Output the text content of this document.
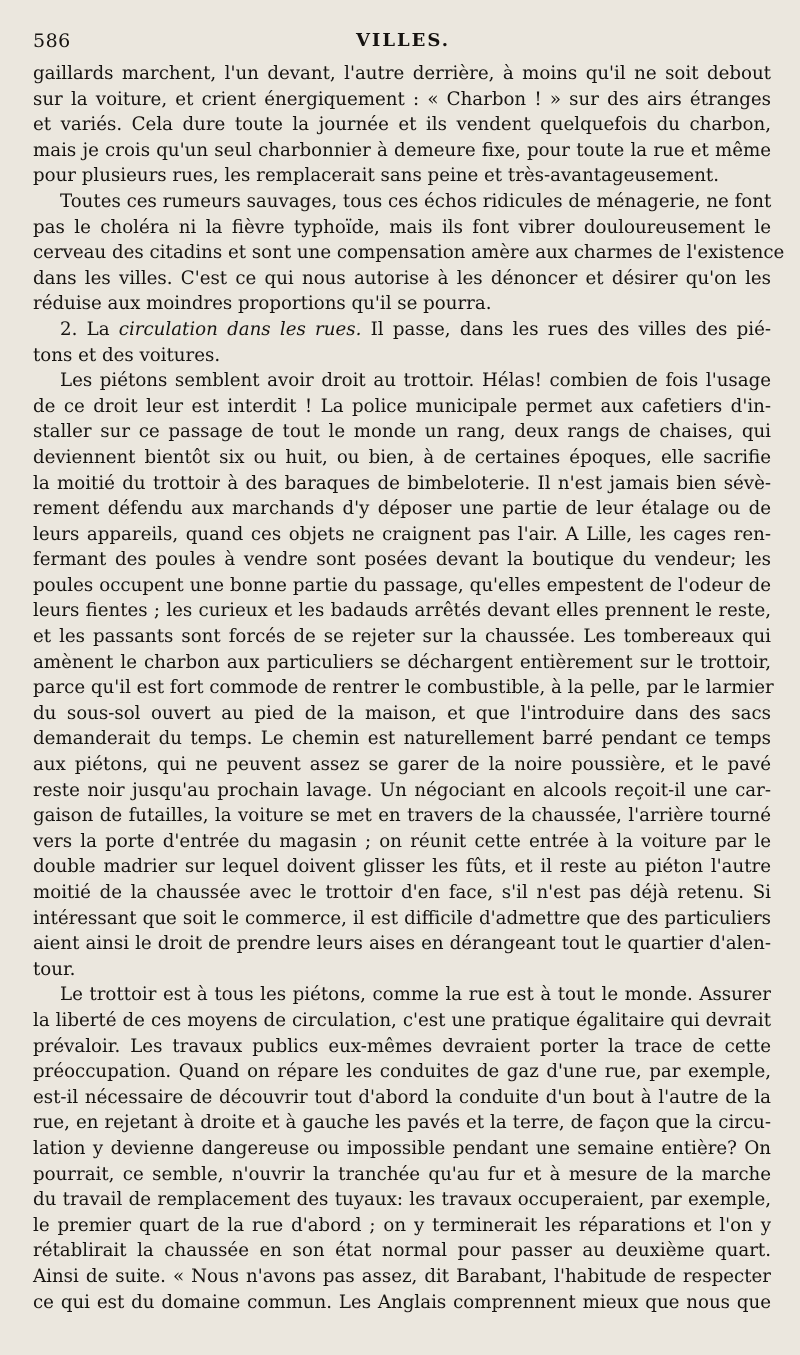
586	VILLES.
gaillards marchent, l'un devant, l'autre derrière, à moins qu'il ne soit debout
sur la voiture, et crient énergiquement : « Charbon ! » sur des airs étranges
et variés. Cela dure toute la journée et ils vendent quelquefois du charbon,
mais je crois qu'un seul charbonnier à demeure fixe, pour toute la rue et même
pour plusieurs rues, les remplacerait sans peine et très-avantageusement.
Toutes ces rumeurs sauvages, tous ces échos ridicules de ménagerie, ne font
pas le choléra ni la fièvre typhoïde, mais ils font vibrer douloureusement le
cerveau des citadins et sont une compensation amère aux charmes de l'existence
dans les villes. C'est ce qui nous autorise à les dénoncer et désirer qu'on les
réduise aux moindres proportions qu'il se pourra.
2. La circulation dans les rues. Il passe, dans les rues des villes des pié-
tons et des voitures.
Les piétons semblent avoir droit au trottoir. Hélas! combien de fois l'usage
de ce droit leur est interdit ! La police municipale permet aux cafetiers d'in-
staller sur ce passage de tout le monde un rang, deux rangs de chaises, qui
deviennent bientôt six ou huit, ou bien, à de certaines époques, elle sacrifie
la moitié du trottoir à des baraques de bimbeloterie. Il n'est jamais bien sévè-
rement défendu aux marchands d'y déposer une partie de leur étalage ou de
leurs appareils, quand ces objets ne craignent pas l'air. A Lille, les cages ren-
fermant des poules à vendre sont posées devant la boutique du vendeur; les
poules occupent une bonne partie du passage, qu'elles empestent de l'odeur de
leurs fientes ; les curieux et les badauds arrêtés devant elles prennent le reste,
et les passants sont forcés de se rejeter sur la chaussée. Les tombereaux qui
amènent le charbon aux particuliers se déchargent entièrement sur le trottoir,
parce qu'il est fort commode de rentrer le combustible, à la pelle, par le larmier
du sous-sol ouvert au pied de la maison, et que l'introduire dans des sacs
demanderait du temps. Le chemin est naturellement barré pendant ce temps
aux piétons, qui ne peuvent assez se garer de la noire poussière, et le pavé
reste noir jusqu'au prochain lavage. Un négociant en alcools reçoit-il une car-
gaison de futailles, la voiture se met en travers de la chaussée, l'arrière tourné
vers la porte d'entrée du magasin ; on réunit cette entrée à la voiture par le
double madrier sur lequel doivent glisser les fûts, et il reste au piéton l'autre
moitié de la chaussée avec le trottoir d'en face, s'il n'est pas déjà retenu. Si
intéressant que soit le commerce, il est difficile d'admettre que des particuliers
aient ainsi le droit de prendre leurs aises en dérangeant tout le quartier d'alen-
tour.
Le trottoir est à tous les piétons, comme la rue est à tout le monde. Assurer
la liberté de ces moyens de circulation, c'est une pratique égalitaire qui devrait
prévaloir. Les travaux publics eux-mêmes devraient porter la trace de cette
préoccupation. Quand on répare les conduites de gaz d'une rue, par exemple,
est-il nécessaire de découvrir tout d'abord la conduite d'un bout à l'autre de la
rue, en rejetant à droite et à gauche les pavés et la terre, de façon que la circu-
lation y devienne dangereuse ou impossible pendant une semaine entière? On
pourrait, ce semble, n'ouvrir la tranchée qu'au fur et à mesure de la marche
du travail de remplacement des tuyaux: les travaux occuperaient, par exemple,
le premier quart de la rue d'abord ; on y terminerait les réparations et l'on y
rétablirait la chaussée en son état normal pour passer au deuxième quart.
Ainsi de suite. « Nous n'avons pas assez, dit Barabant, l'habitude de respecter
ce qui est du domaine commun. Les Anglais comprennent mieux que nous que
